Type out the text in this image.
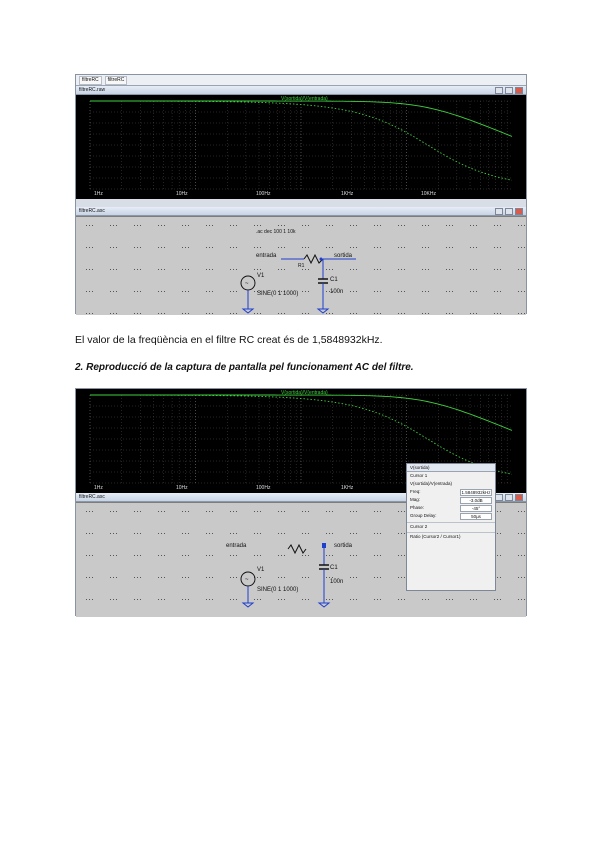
filtreRC	filtreRC
filtreRC.raw
V(sortida)/V(entrada)
1Hz	10Hz	100Hz	1KHz	10KHz
filtreRC.asc
~
.ac dec 100 1 10k
entrada	sortida
R1
C1
100n
V1
SINE(0 1 1000)
El valor de la freqüència en el filtre RC creat és de 1,5848932kHz.
2. Reproducció de la captura de pantalla pel funcionament AC del filtre.
V(sortida)/V(entrada)
1Hz	10Hz	100Hz	1KHz
filtreRC.asc
~
entrada	sortida
C1
100n
V1
SINE(0 1 1000)
V(sortida)
Cursor 1
V(sortida)/V(entrada)
Freq:	1.5848932kHz
Mag:	-3.0dB
Phase:	-45°
Group Delay:	50µs
Cursor 2
Ratio (Cursor2 / Cursor1)
